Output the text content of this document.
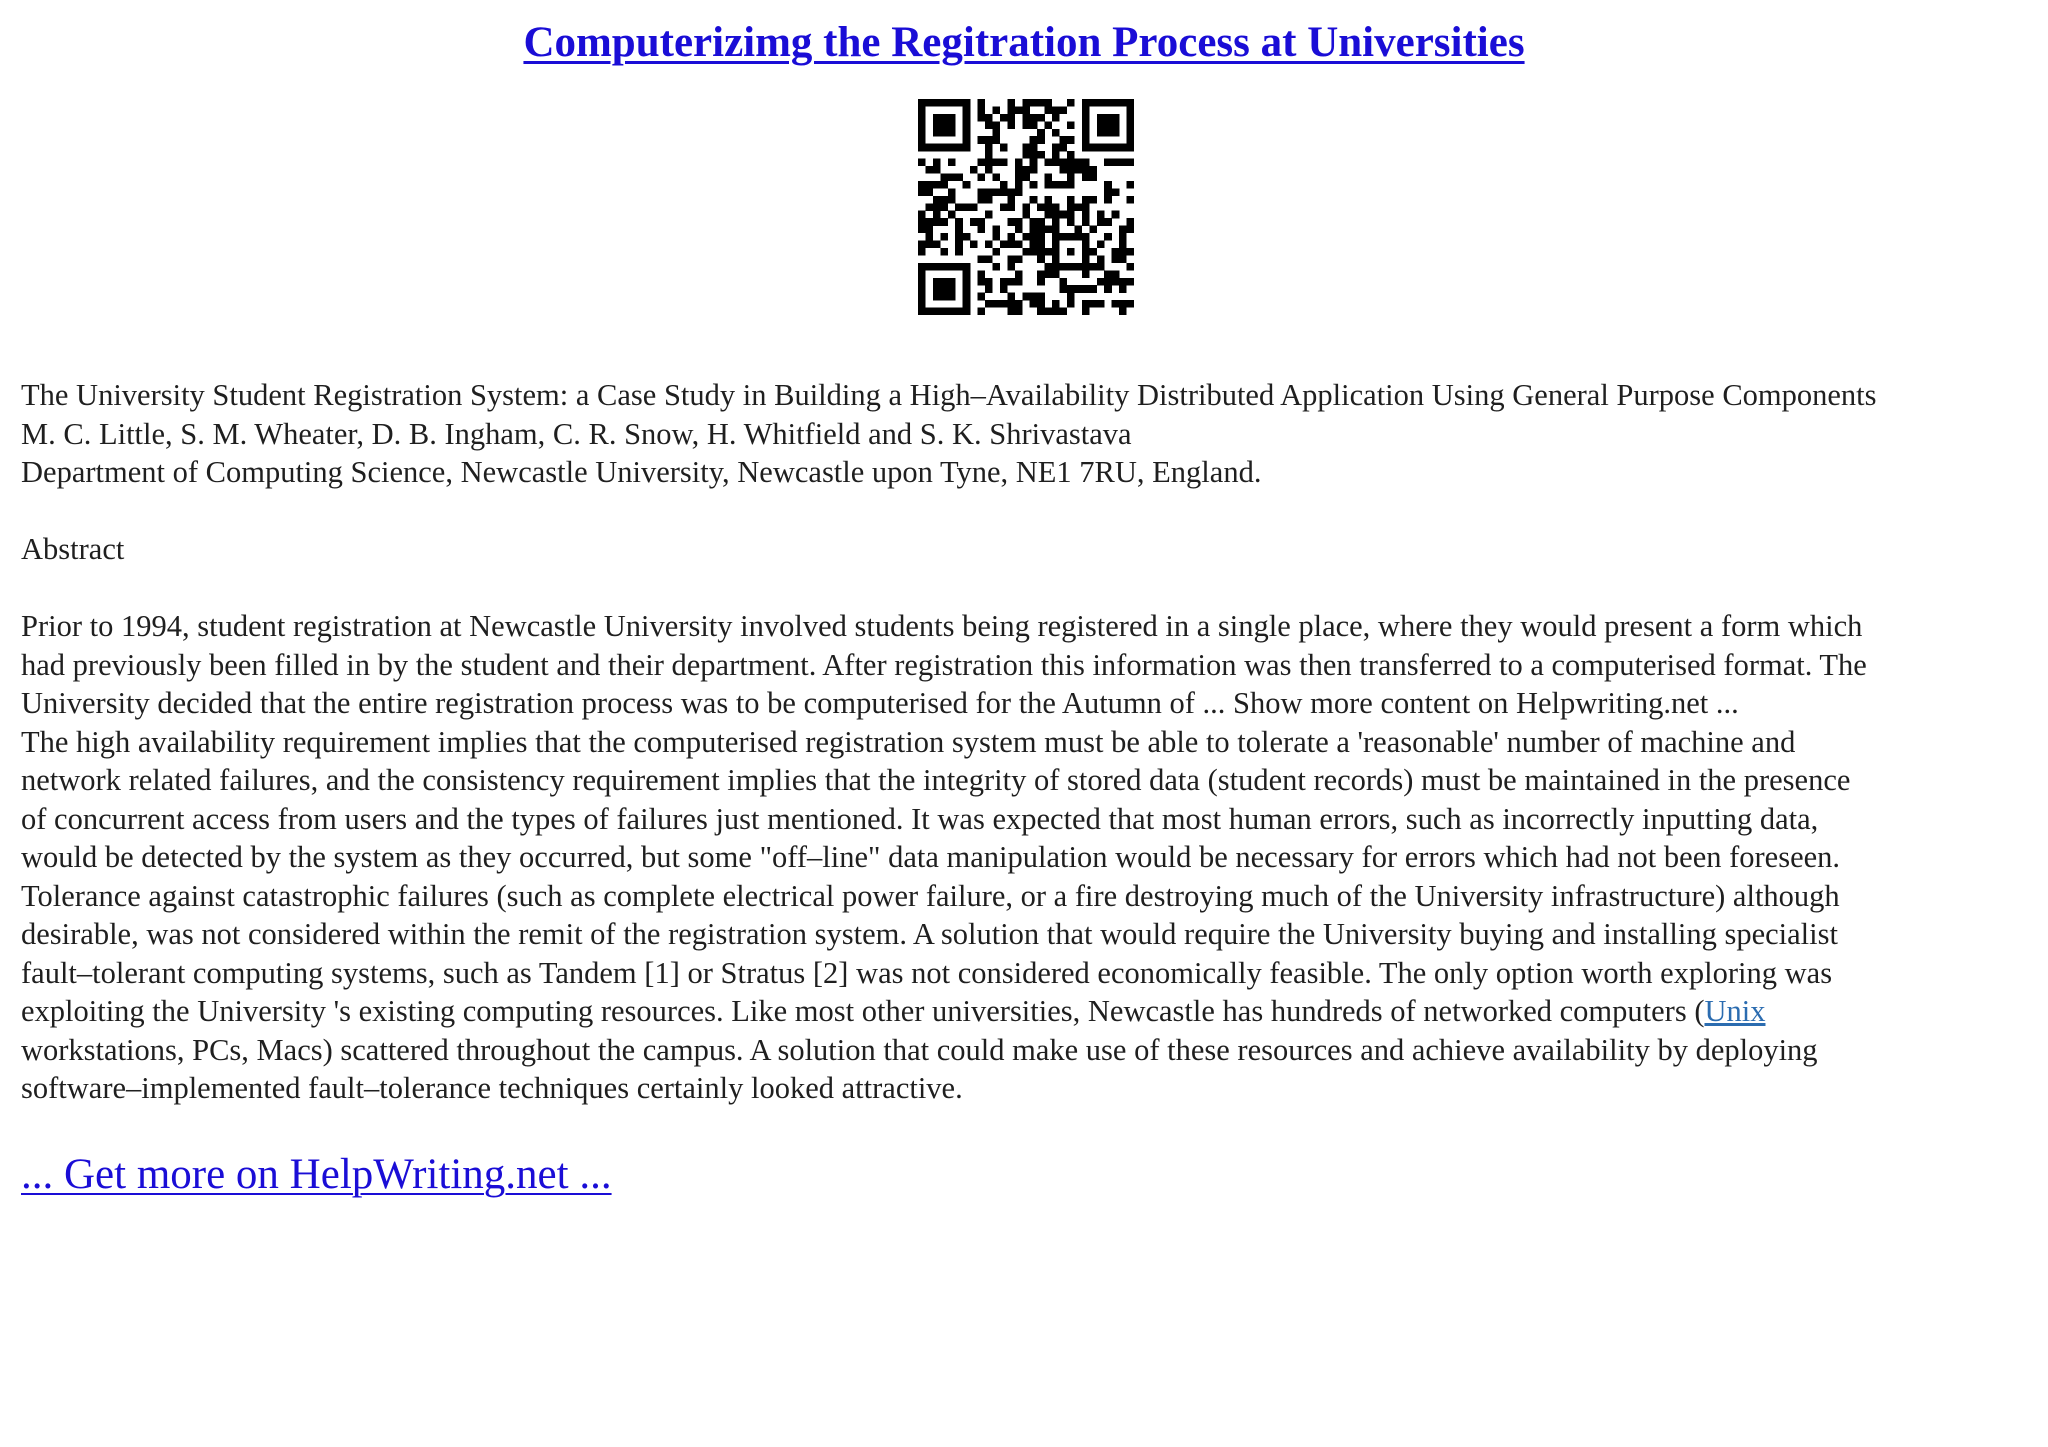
Computerizimg the Regitration Process at Universities
The University Student Registration System: a Case Study in Building a High–Availability Distributed Application Using General Purpose Components
M. C. Little, S. M. Wheater, D. B. Ingham, C. R. Snow, H. Whitfield and S. K. Shrivastava
Department of Computing Science, Newcastle University, Newcastle upon Tyne, NE1 7RU, England.
Abstract
Prior to 1994, student registration at Newcastle University involved students being registered in a single place, where they would present a form which
had previously been filled in by the student and their department. After registration this information was then transferred to a computerised format. The
University decided that the entire registration process was to be computerised for the Autumn of ... Show more content on Helpwriting.net ...
The high availability requirement implies that the computerised registration system must be able to tolerate a 'reasonable' number of machine and
network related failures, and the consistency requirement implies that the integrity of stored data (student records) must be maintained in the presence
of concurrent access from users and the types of failures just mentioned. It was expected that most human errors, such as incorrectly inputting data,
would be detected by the system as they occurred, but some "off–line" data manipulation would be necessary for errors which had not been foreseen.
Tolerance against catastrophic failures (such as complete electrical power failure, or a fire destroying much of the University infrastructure) although
desirable, was not considered within the remit of the registration system. A solution that would require the University buying and installing specialist
fault–tolerant computing systems, such as Tandem [1] or Stratus [2] was not considered economically feasible. The only option worth exploring was
exploiting the University 's existing computing resources. Like most other universities, Newcastle has hundreds of networked computers (Unix
workstations, PCs, Macs) scattered throughout the campus. A solution that could make use of these resources and achieve availability by deploying
software–implemented fault–tolerance techniques certainly looked attractive.
... Get more on HelpWriting.net ...
